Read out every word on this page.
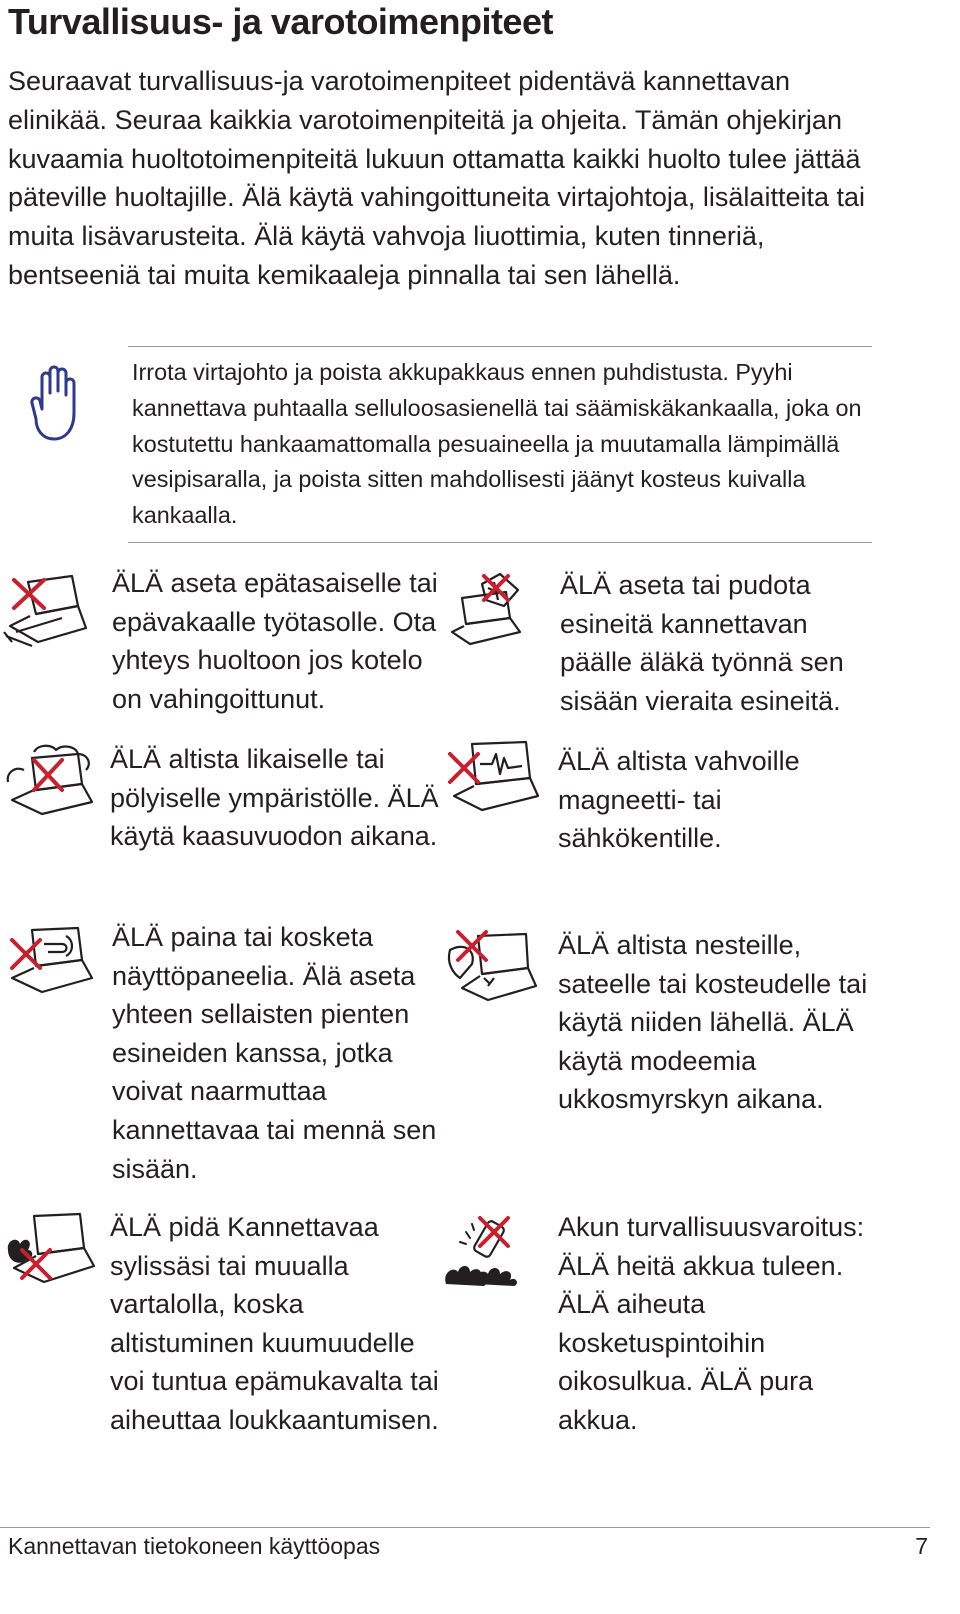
Turvallisuus- ja varotoimenpiteet

Seuraavat turvallisuus-ja varotoimenpiteet pidentävä kannettavan elinikää. Seuraa kaikkia varotoimenpiteitä ja ohjeita. Tämän ohjekirjan kuvaamia huoltotoimenpiteitä lukuun ottamatta kaikki huolto tulee jättää päteville huoltajille. Älä käytä vahingoittuneita virtajohtoja, lisälaitteita tai muita lisävarusteita. Älä käytä vahvoja liuottimia, kuten tinneriä, bentseeniä tai muita kemikaaleja pinnalla tai sen lähellä.

Irrota virtajohto ja poista akkupakkaus ennen puhdistusta. Pyyhi kannettava puhtaalla selluloosasienellä tai säämiskäkankaalla, joka on kostutettu hankaamattomalla pesuaineella ja muutamalla lämpimällä vesipisaralla, ja poista sitten mahdollisesti jäänyt kosteus kuivalla kankaalla.

ÄLÄ aseta epätasaiselle tai epävakaalle työtasolle. Ota yhteys huoltoon jos kotelo on vahingoittunut.

ÄLÄ altista likaiselle tai pölyiselle ympäristölle. ÄLÄ käytä kaasuvuodon aikana.

ÄLÄ paina tai kosketa näyttöpaneelia. Älä aseta yhteen sellaisten pienten esineiden kanssa, jotka voivat naarmuttaa kannettavaa tai mennä sen sisään.

ÄLÄ pidä Kannettavaa sylissäsi tai muualla vartalolla, koska altistuminen kuumuudelle voi tuntua epämukavalta tai aiheuttaa loukkaantumisen.

ÄLÄ aseta tai pudota esineitä kannettavan päälle äläkä työnnä sen sisään vieraita esineitä.

ÄLÄ altista vahvoille magneetti- tai sähkökentille.

ÄLÄ altista nesteille, sateelle tai kosteudelle tai käytä niiden lähellä. ÄLÄ käytä modeemia ukkosmyrskyn aikana.

Akun turvallisuusvaroitus: ÄLÄ heitä akkua tuleen. ÄLÄ aiheuta kosketuspintoihin oikosulkua. ÄLÄ pura akkua.

Kannettavan tietokoneen käyttöopas	7
